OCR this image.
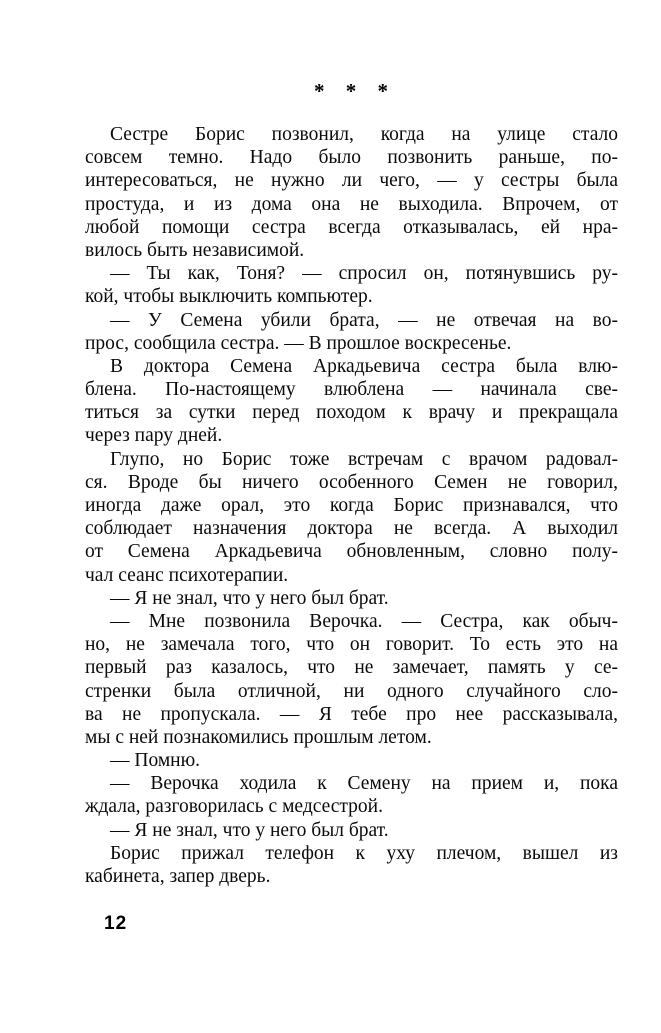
* * *
Сестре Борис позвонил, когда на улице стало
совсем темно. Надо было позвонить раньше, по-
интересоваться, не нужно ли чего, — у сестры была
простуда, и из дома она не выходила. Впрочем, от
любой помощи сестра всегда отказывалась, ей нра-
вилось быть независимой.
— Ты как, Тоня? — спросил он, потянувшись ру-
кой, чтобы выключить компьютер.
— У Семена убили брата, — не отвечая на во-
прос, сообщила сестра. — В прошлое воскресенье.
В доктора Семена Аркадьевича сестра была влю-
блена. По-настоящему влюблена — начинала све-
титься за сутки перед походом к врачу и прекращала
через пару дней.
Глупо, но Борис тоже встречам с врачом радовал-
ся. Вроде бы ничего особенного Семен не говорил,
иногда даже орал, это когда Борис признавался, что
соблюдает назначения доктора не всегда. А выходил
от Семена Аркадьевича обновленным, словно полу-
чал сеанс психотерапии.
— Я не знал, что у него был брат.
— Мне позвонила Верочка. — Сестра, как обыч-
но, не замечала того, что он говорит. То есть это на
первый раз казалось, что не замечает, память у се-
стренки была отличной, ни одного случайного сло-
ва не пропускала. — Я тебе про нее рассказывала,
мы с ней познакомились прошлым летом.
— Помню.
— Верочка ходила к Семену на прием и, пока
ждала, разговорилась с медсестрой.
— Я не знал, что у него был брат.
Борис прижал телефон к уху плечом, вышел из
кабинета, запер дверь.
12
